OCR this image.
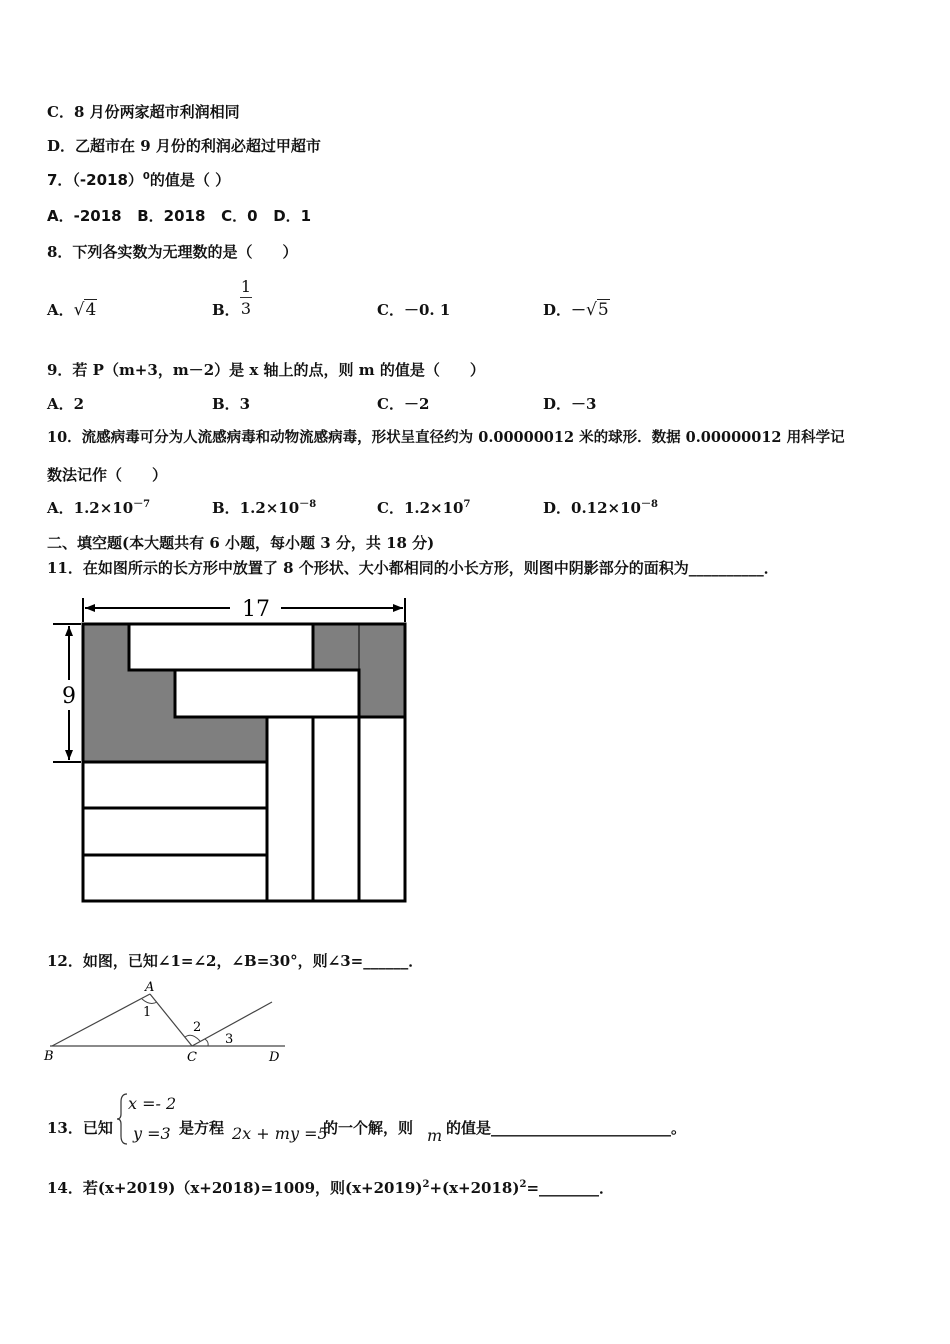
C．8 月份两家超市利润相同
D．乙超市在 9 月份的利润必超过甲超市
7．$(-2018)^0$的值是（ ）
A．-2018   B．2018   C．0   D．1
8．下列各实数为无理数的是（　　）
A．√4	B．
1
3	C．－0. 1	D．－√5
9．若 P（m+3，m－2）是 x 轴上的点，则 m 的值是（　　）
A．2	B．3	C．－2	D．－3
10．流感病毒可分为人流感病毒和动物流感病毒，形状呈直径约为 0.00000012 米的球形．数据 0.00000012 用科学记
数法记作（　　）
A．$1.2\times 10^{-7}$	B．$1.2\times 10^{-8}$	C．$1.2\times 10^7$	D．$0.12\times 10^{-8}$
二、填空题(本大题共有 6 小题，每小题 3 分，共 18 分)
11．在如图所示的长方形中放置了 8 个形状、大小都相同的小长方形，则图中阴影部分的面积为__________．
17
9
12．如图，已知∠1=∠2，∠B=30°，则∠3=______．
A
B	C	D
1
2
3
13．已知
x =- 2
y =3 是方程 2x + my =5
的一个解，则 m 的值是________________________。
14．若(x+2019)（x+2018)=1009，则$(x+2019)^2+(x+2018)^2=\_\_\_\_\_\_\_\_$．
